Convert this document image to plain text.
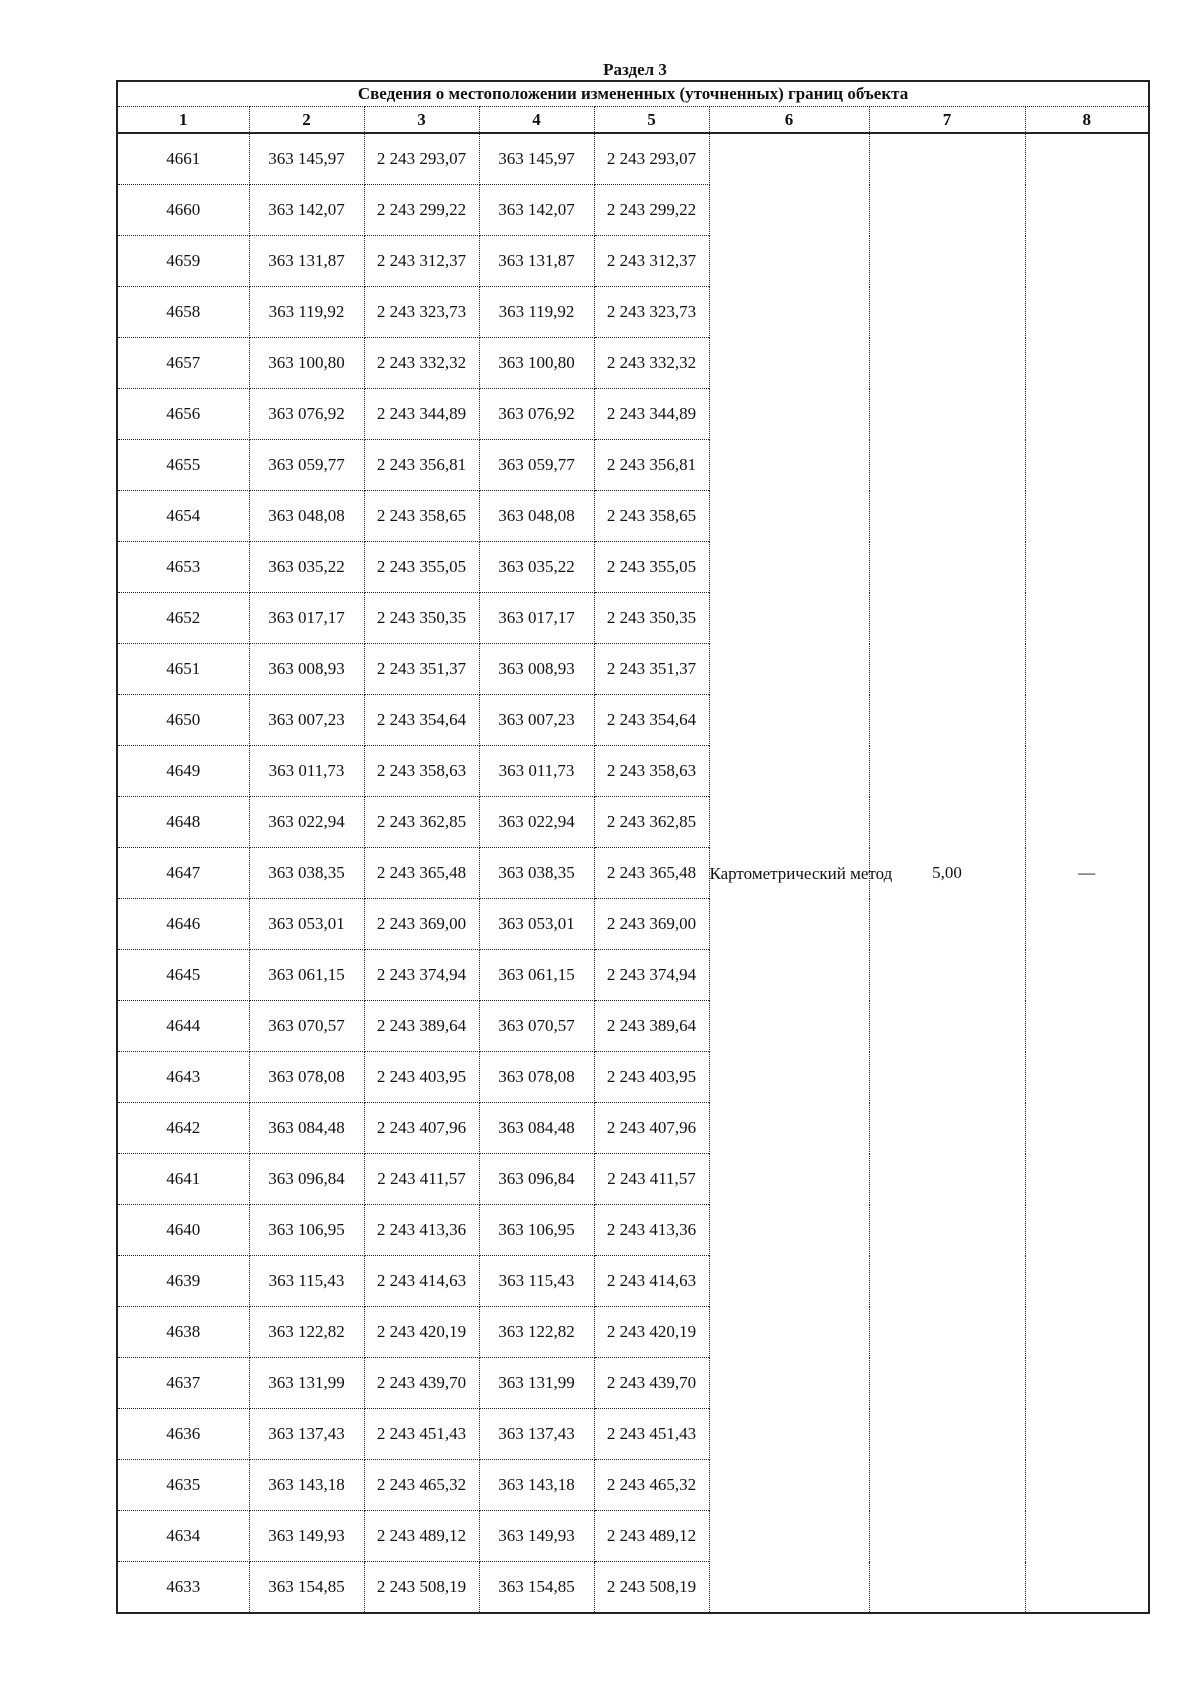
Раздел 3
Сведения о местоположении измененных (уточненных) границ объекта							
1	2	3	4	5	6	7	8
4661	363 145,97	2 243 293,07	363 145,97	2 243 293,07	Картометрический метод	5,00	—
4660	363 142,07	2 243 299,22	363 142,07	2 243 299,22			
4659	363 131,87	2 243 312,37	363 131,87	2 243 312,37			
4658	363 119,92	2 243 323,73	363 119,92	2 243 323,73			
4657	363 100,80	2 243 332,32	363 100,80	2 243 332,32			
4656	363 076,92	2 243 344,89	363 076,92	2 243 344,89			
4655	363 059,77	2 243 356,81	363 059,77	2 243 356,81			
4654	363 048,08	2 243 358,65	363 048,08	2 243 358,65			
4653	363 035,22	2 243 355,05	363 035,22	2 243 355,05			
4652	363 017,17	2 243 350,35	363 017,17	2 243 350,35			
4651	363 008,93	2 243 351,37	363 008,93	2 243 351,37			
4650	363 007,23	2 243 354,64	363 007,23	2 243 354,64			
4649	363 011,73	2 243 358,63	363 011,73	2 243 358,63			
4648	363 022,94	2 243 362,85	363 022,94	2 243 362,85			
4647	363 038,35	2 243 365,48	363 038,35	2 243 365,48			
4646	363 053,01	2 243 369,00	363 053,01	2 243 369,00			
4645	363 061,15	2 243 374,94	363 061,15	2 243 374,94			
4644	363 070,57	2 243 389,64	363 070,57	2 243 389,64			
4643	363 078,08	2 243 403,95	363 078,08	2 243 403,95			
4642	363 084,48	2 243 407,96	363 084,48	2 243 407,96			
4641	363 096,84	2 243 411,57	363 096,84	2 243 411,57			
4640	363 106,95	2 243 413,36	363 106,95	2 243 413,36			
4639	363 115,43	2 243 414,63	363 115,43	2 243 414,63			
4638	363 122,82	2 243 420,19	363 122,82	2 243 420,19			
4637	363 131,99	2 243 439,70	363 131,99	2 243 439,70			
4636	363 137,43	2 243 451,43	363 137,43	2 243 451,43			
4635	363 143,18	2 243 465,32	363 143,18	2 243 465,32			
4634	363 149,93	2 243 489,12	363 149,93	2 243 489,12			
4633	363 154,85	2 243 508,19	363 154,85	2 243 508,19			
